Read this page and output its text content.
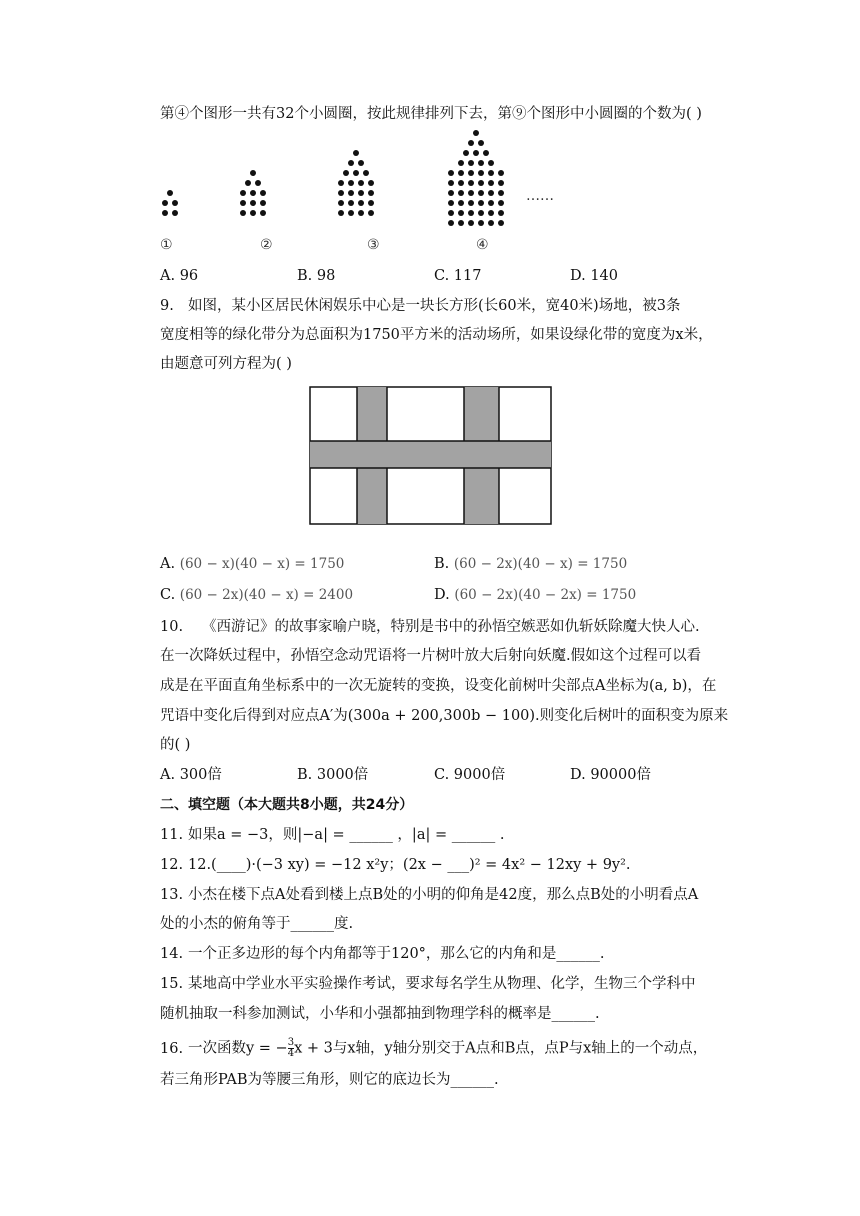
第④个图形一共有32个小圆圈，按此规律排列下去，第⑨个图形中小圆圈的个数为( )
……
①	②	③	④
A. 96	B. 98	C. 117	D. 140
9. 如图，某小区居民休闲娱乐中心是一块长方形(长60米，宽40米)场地，被3条
宽度相等的绿化带分为总面积为1750平方米的活动场所，如果设绿化带的宽度为x米，
由题意可列方程为( )
A. (60 − x)(40 − x) = 1750	B. (60 − 2x)(40 − x) = 1750
C. (60 − 2x)(40 − x) = 2400	D. (60 − 2x)(40 − 2x) = 1750
10. 《西游记》的故事家喻户晓，特别是书中的孙悟空嫉恶如仇斩妖除魔大快人心.
在一次降妖过程中，孙悟空念动咒语将一片树叶放大后射向妖魔.假如这个过程可以看
成是在平面直角坐标系中的一次无旋转的变换，设变化前树叶尖部点A坐标为(a, b)，在
咒语中变化后得到对应点A′为(300a + 200,300b − 100).则变化后树叶的面积变为原来
的( )
A. 300倍	B. 3000倍	C. 9000倍	D. 90000倍
二、填空题（本大题共8小题，共24分）
11. 如果a = −3，则|−a| = ______ ，|a| = ______ .
12. 12.(____)·(−3 xy) = −12 x²y；(2x − ___)² = 4x² − 12xy + 9y².
13. 小杰在楼下点A处看到楼上点B处的小明的仰角是42度，那么点B处的小明看点A
处的小杰的俯角等于______度.
14. 一个正多边形的每个内角都等于120°，那么它的内角和是______.
15. 某地高中学业水平实验操作考试，要求每名学生从物理、化学，生物三个学科中
随机抽取一科参加测试，小华和小强都抽到物理学科的概率是______.
16. 一次函数y = − $\frac{3}{4}$ x + 3与x轴，y轴分别交于A点和B点，点P与x轴上的一个动点，
若三角形PAB为等腰三角形，则它的底边长为______.
